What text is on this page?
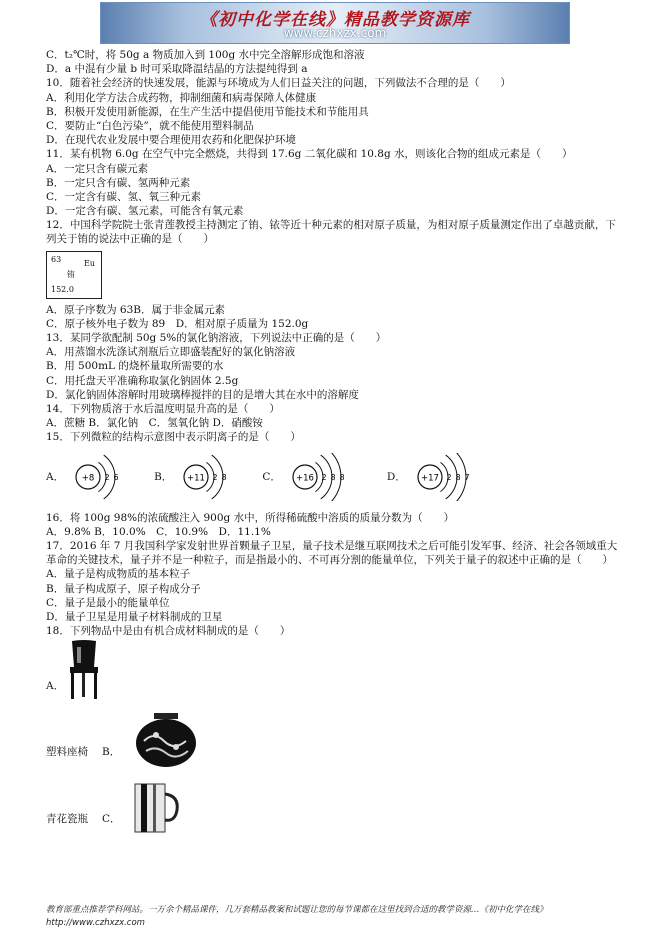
《初中化学在线》精品教学资源库
www.czhxzx.com
C．t₂℃时，将 50g a 物质加入到 100g 水中完全溶解形成饱和溶液
D．a 中混有少量 b 时可采取降温结晶的方法提纯得到 a
10．随着社会经济的快速发展，能源与环境成为人们日益关注的问题，下列做法不合理的是（　　）
A．利用化学方法合成药物，抑制细菌和病毒保障人体健康
B．积极开发使用新能源，在生产生活中提倡使用节能技术和节能用具
C．要防止“白色污染”，就不能使用塑料制品
D．在现代农业发展中要合理使用农药和化肥保护环境
11．某有机物 6.0g 在空气中完全燃烧，共得到 17.6g 二氧化碳和 10.8g 水，则该化合物的组成元素是（　　）
A．一定只含有碳元素
B．一定只含有碳、氢两种元素
C．一定含有碳、氢、氧三种元素
D．一定含有碳、氢元素，可能含有氧元素
12．中国科学院院士张青莲教授主持测定了铕、铱等近十种元素的相对原子质量，为相对原子质量测定作出了卓越贡献，下列关于铕的说法中正确的是（　　）
63	Eu
铕
152.0
A．原子序数为 63B．属于非金属元素
C．原子核外电子数为 89　D．相对原子质量为 152.0g
13．某同学欲配制 50g 5%的氯化钠溶液，下列说法中正确的是（　　）
A．用蒸馏水洗涤试剂瓶后立即盛装配好的氯化钠溶液
B．用 500mL 的烧杯量取所需要的水
C．用托盘天平准确称取氯化钠固体 2.5g
D．氯化钠固体溶解时用玻璃棒搅拌的目的是增大其在水中的溶解度
14．下列物质溶于水后温度明显升高的是（　　）
A．蔗糖 B．氯化钠　C．氢氧化钠 D．硝酸铵
15．下列微粒的结构示意图中表示阴离子的是（　　）
A． +8 2 6	B． +11 2 8	C． +16 2 8 8	D． +17 2 8 7
16．将 100g 98%的浓硫酸注入 900g 水中，所得稀硫酸中溶质的质量分数为（　　）
A．9.8% B．10.0%　C．10.9%　D．11.1%
17．2016 年 7 月我国科学家发射世界首颗量子卫星，量子技术是继互联网技术之后可能引发军事、经济、社会各领域重大革命的关键技术，量子并不是一种粒子，而是指最小的、不可再分割的能量单位，下列关于量子的叙述中正确的是（　　）
A．量子是构成物质的基本粒子
B．量子构成原子，原子构成分子
C．量子是最小的能量单位
D．量子卫星是用量子材料制成的卫星
18．下列物品中是由有机合成材料制成的是（　　）
A．
塑料座椅 B．
青花瓷瓶 C．
教育部重点推荐学科网站。一万余个精品课件，几万套精品教案和试题让您的每节课都在这里找到合适的教学资源…《初中化学在线》http://www.czhxzx.com
